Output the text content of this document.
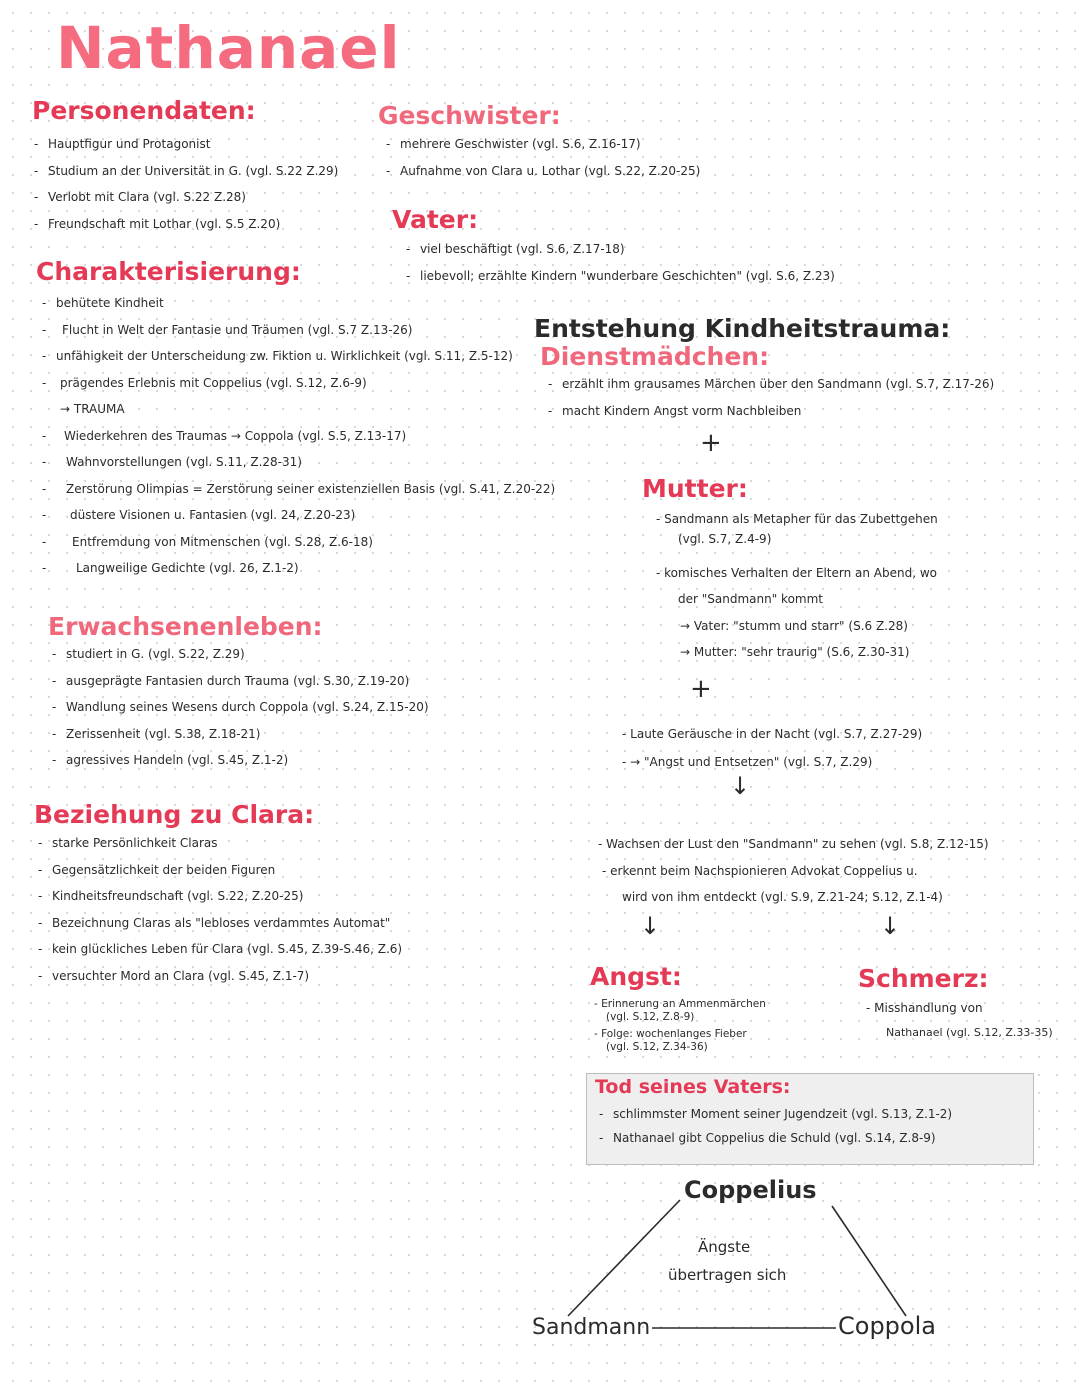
Nathanael
Personendaten:
- Hauptfigur und Protagonist
- Studium an der Universität in G. (vgl. S.22 Z.29)
- Verlobt mit Clara (vgl. S.22 Z.28)
- Freundschaft mit Lothar (vgl. S.5 Z.20)
Geschwister:
- mehrere Geschwister (vgl. S.6, Z.16-17)
- Aufnahme von Clara u. Lothar (vgl. S.22, Z.20-25)
Vater:
- viel beschäftigt (vgl. S.6, Z.17-18)
- liebevoll; erzählte Kindern "wunderbare Geschichten" (vgl. S.6, Z.23)
Charakterisierung:
- behütete Kindheit
- Flucht in Welt der Fantasie und Träumen (vgl. S.7 Z.13-26)
- unfähigkeit der Unterscheidung zw. Fiktion u. Wirklichkeit (vgl. S.11, Z.5-12)
- prägendes Erlebnis mit Coppelius (vgl. S.12, Z.6-9)
→ TRAUMA
- Wiederkehren des Traumas → Coppola (vgl. S.5, Z.13-17)
- Wahnvorstellungen (vgl. S.11, Z.28-31)
- Zerstörung Olimpias = Zerstörung seiner existenziellen Basis (vgl. S.41, Z.20-22)
- düstere Visionen u. Fantasien (vgl. 24, Z.20-23)
- Entfremdung von Mitmenschen (vgl. S.28, Z.6-18)
- Langweilige Gedichte (vgl. 26, Z.1-2)
Erwachsenenleben:
- studiert in G. (vgl. S.22, Z.29)
- ausgeprägte Fantasien durch Trauma (vgl. S.30, Z.19-20)
- Wandlung seines Wesens durch Coppola (vgl. S.24, Z.15-20)
- Zerissenheit (vgl. S.38, Z.18-21)
- agressives Handeln (vgl. S.45, Z.1-2)
Beziehung zu Clara:
- starke Persönlichkeit Claras
- Gegensätzlichkeit der beiden Figuren
- Kindheitsfreundschaft (vgl. S.22, Z.20-25)
- Bezeichnung Claras als "lebloses verdammtes Automat"
- kein glückliches Leben für Clara (vgl. S.45, Z.39-S.46, Z.6)
- versuchter Mord an Clara (vgl. S.45, Z.1-7)
Entstehung Kindheitstrauma:
Dienstmädchen:
- erzählt ihm grausames Märchen über den Sandmann (vgl. S.7, Z.17-26)
- macht Kindern Angst vorm Nachbleiben
+
Mutter:
- Sandmann als Metapher für das Zubettgehen
(vgl. S.7, Z.4-9)
- komisches Verhalten der Eltern an Abend, wo
der "Sandmann" kommt
→ Vater: "stumm und starr" (S.6 Z.28)
→ Mutter: "sehr traurig" (S.6, Z.30-31)
+
- Laute Geräusche in der Nacht (vgl. S.7, Z.27-29)
- → "Angst und Entsetzen" (vgl. S.7, Z.29)
↓
- Wachsen der Lust den "Sandmann" zu sehen (vgl. S.8, Z.12-15)
- erkennt beim Nachspionieren Advokat Coppelius u.
wird von ihm entdeckt (vgl. S.9, Z.21-24; S.12, Z.1-4)
↓	↓
Angst:
- Erinnerung an Ammenmärchen
(vgl. S.12, Z.8-9)
- Folge: wochenlanges Fieber
(vgl. S.12, Z.34-36)
Schmerz:
- Misshandlung von
Nathanael (vgl. S.12, Z.33-35)
Tod seines Vaters:
- schlimmster Moment seiner Jugendzeit (vgl. S.13, Z.1-2)
- Nathanael gibt Coppelius die Schuld (vgl. S.14, Z.8-9)
Coppelius
Sandmann	Coppola
Ängste
übertragen sich
